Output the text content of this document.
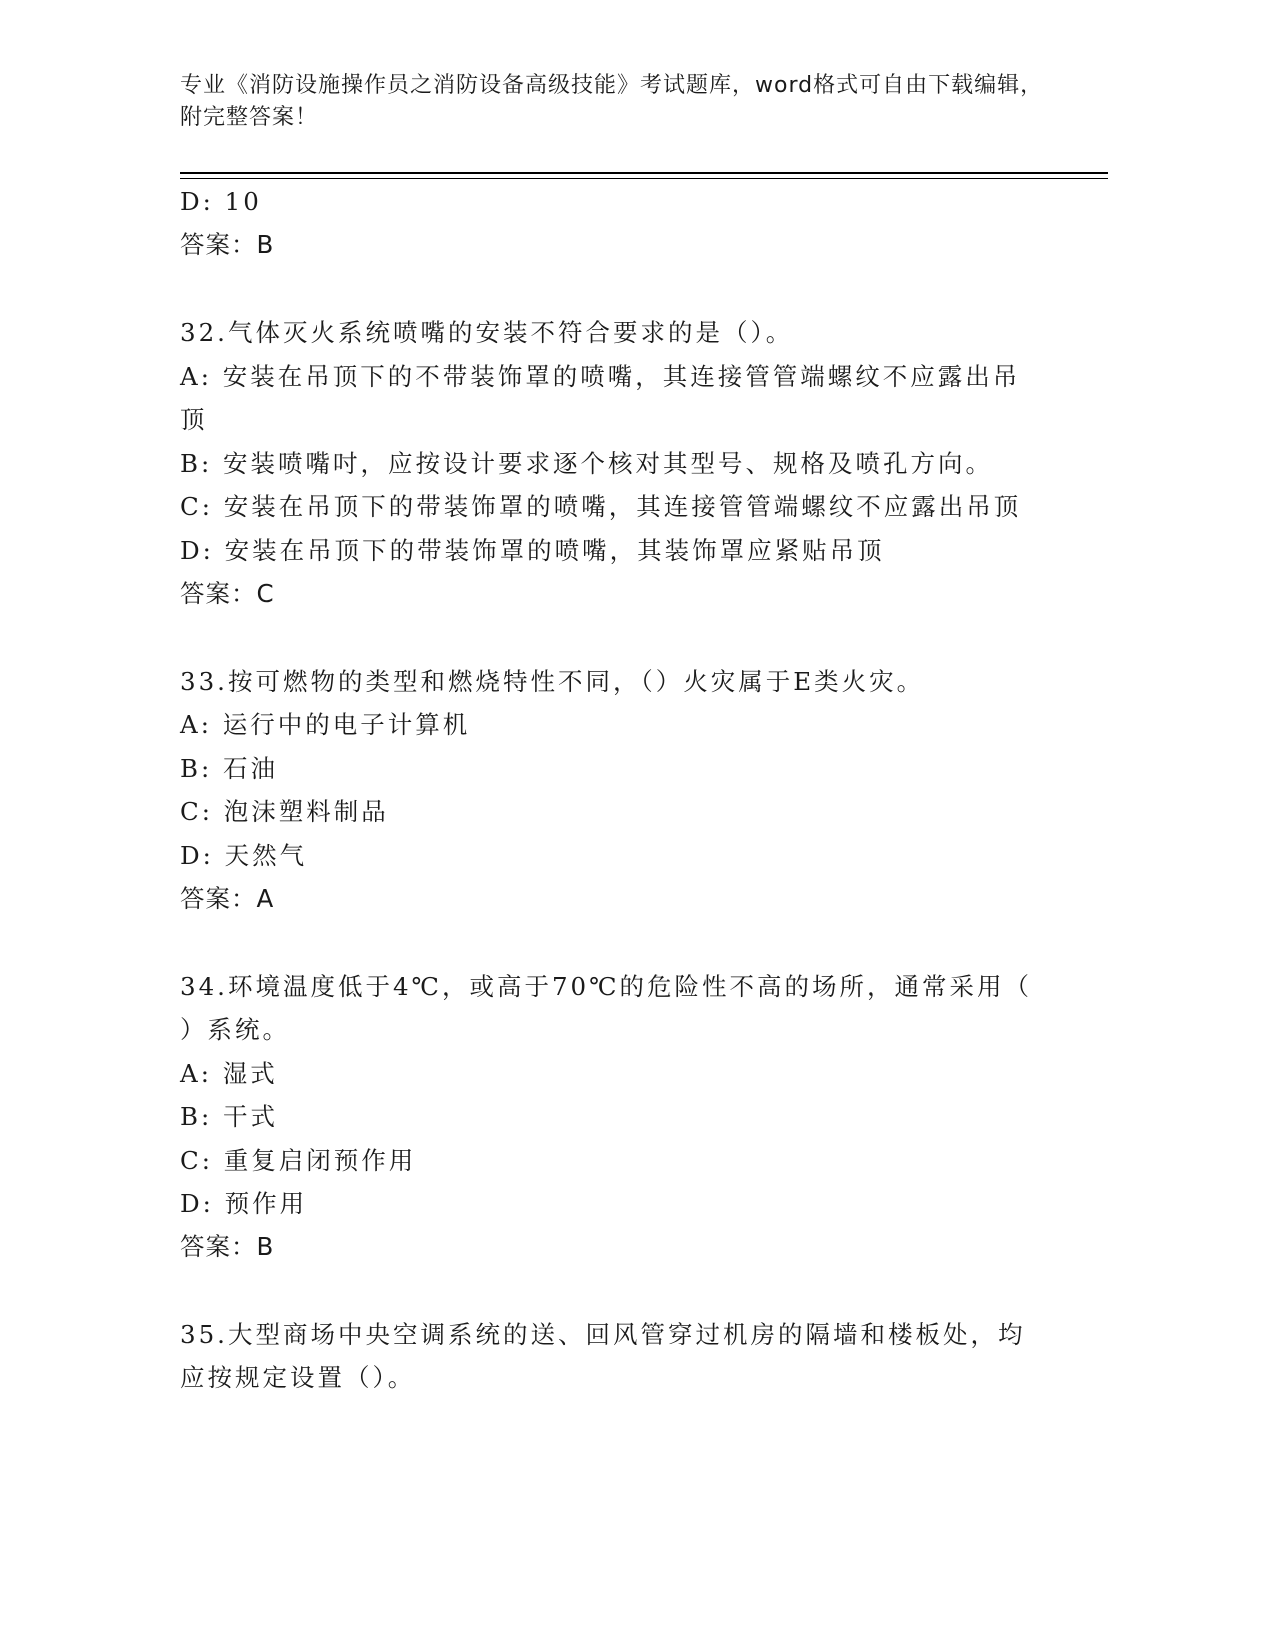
专业《消防设施操作员之消防设备高级技能》考试题库，word格式可自由下载编辑，附完整答案！
D: 10
答案：B
32.气体灭火系统喷嘴的安装不符合要求的是（）。
A: 安装在吊顶下的不带装饰罩的喷嘴，其连接管管端螺纹不应露出吊
顶
B: 安装喷嘴吋，应按设计要求逐个核对其型号、规格及喷孔方向。
C: 安装在吊顶下的带装饰罩的喷嘴，其连接管管端螺纹不应露出吊顶
D: 安装在吊顶下的带装饰罩的喷嘴，其装饰罩应紧贴吊顶
答案：C
33.按可燃物的类型和燃烧特性不同，（）火灾属于E类火灾。
A: 运行中的电子计算机
B: 石油
C: 泡沫塑料制品
D: 天然气
答案：A
34.环境温度低于4℃，或高于70℃的危险性不高的场所，通常采用（
）系统。
A: 湿式
B: 干式
C: 重复启闭预作用
D: 预作用
答案：B
35.大型商场中央空调系统的送、回风管穿过机房的隔墙和楼板处，均
应按规定设置（）。
